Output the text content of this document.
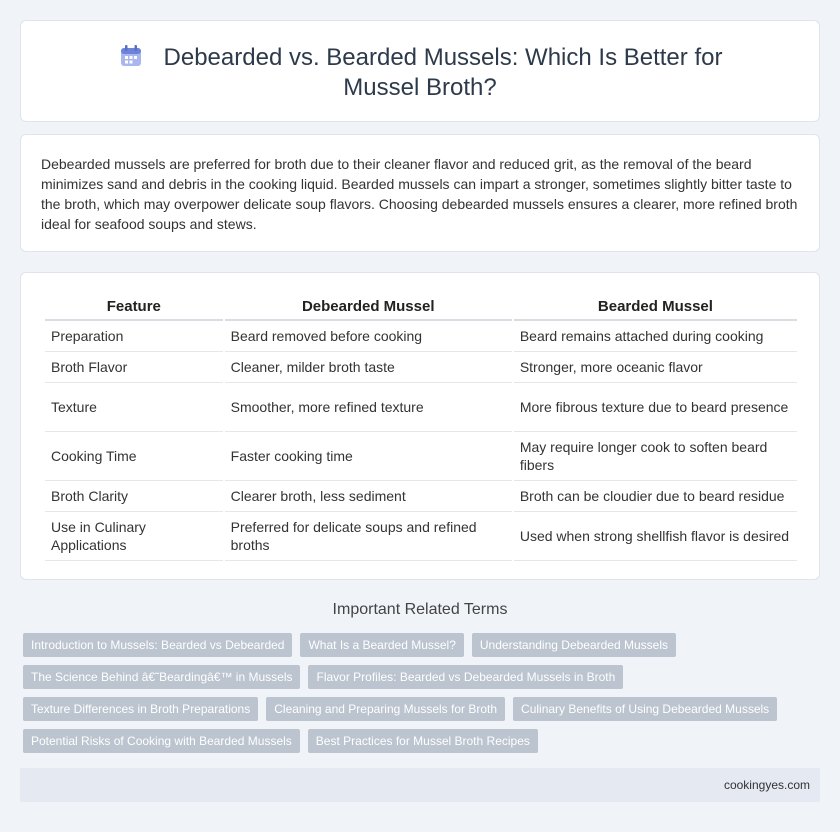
Debearded vs. Bearded Mussels: Which Is Better for Mussel Broth?

Debearded mussels are preferred for broth due to their cleaner flavor and reduced grit, as the removal of the beard minimizes sand and debris in the cooking liquid. Bearded mussels can impart a stronger, sometimes slightly bitter taste to the broth, which may overpower delicate soup flavors. Choosing debearded mussels ensures a clearer, more refined broth ideal for seafood soups and stews.

Feature	Debearded Mussel	Bearded Mussel
Preparation	Beard removed before cooking	Beard remains attached during cooking
Broth Flavor	Cleaner, milder broth taste	Stronger, more oceanic flavor
Texture	Smoother, more refined texture	More fibrous texture due to beard presence
Cooking Time	Faster cooking time	May require longer cook to soften beard fibers
Broth Clarity	Clearer broth, less sediment	Broth can be cloudier due to beard residue
Use in Culinary Applications	Preferred for delicate soups and refined broths	Used when strong shellfish flavor is desired
Important Related Terms
Introduction to Mussels: Bearded vs Debearded	What Is a Bearded Mussel?	Understanding Debearded Mussels
The Science Behind â€˜Beardingâ€™ in Mussels	Flavor Profiles: Bearded vs Debearded Mussels in Broth
Texture Differences in Broth Preparations	Cleaning and Preparing Mussels for Broth	Culinary Benefits of Using Debearded Mussels
Potential Risks of Cooking with Bearded Mussels	Best Practices for Mussel Broth Recipes
cookingyes.com
